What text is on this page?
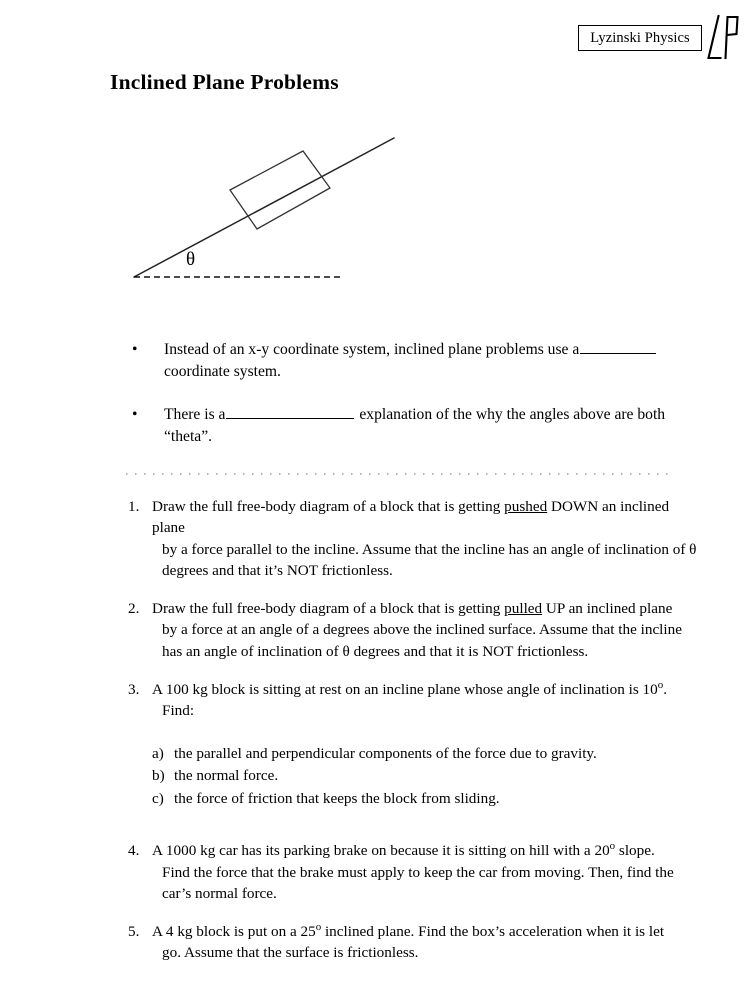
Lyzinski Physics
Inclined Plane Problems
θ
• Instead of an x-y coordinate system, inclined plane problems use a coordinate system.
• There is a	explanation of the why the angles above are both “theta”.
1. Draw the full free-body diagram of a block that is getting pushed DOWN an inclined plane
by a force parallel to the incline. Assume that the incline has an angle of inclination of θ
degrees and that it’s NOT frictionless.
2. Draw the full free-body diagram of a block that is getting pulled UP an inclined plane
by a force at an angle of a degrees above the inclined surface. Assume that the incline
has an angle of inclination of θ degrees and that it is NOT frictionless.
3. A 100 kg block is sitting at rest on an incline plane whose angle of inclination is 10$^o$.
Find:
a) the parallel and perpendicular components of the force due to gravity.
b) the normal force.
c) the force of friction that keeps the block from sliding.
4. A 1000 kg car has its parking brake on because it is sitting on hill with a 20$^o$ slope.
Find the force that the brake must apply to keep the car from moving. Then, find the
car’s normal force.
5. A 4 kg block is put on a 25$^o$ inclined plane. Find the box’s acceleration when it is let
go. Assume that the surface is frictionless.
